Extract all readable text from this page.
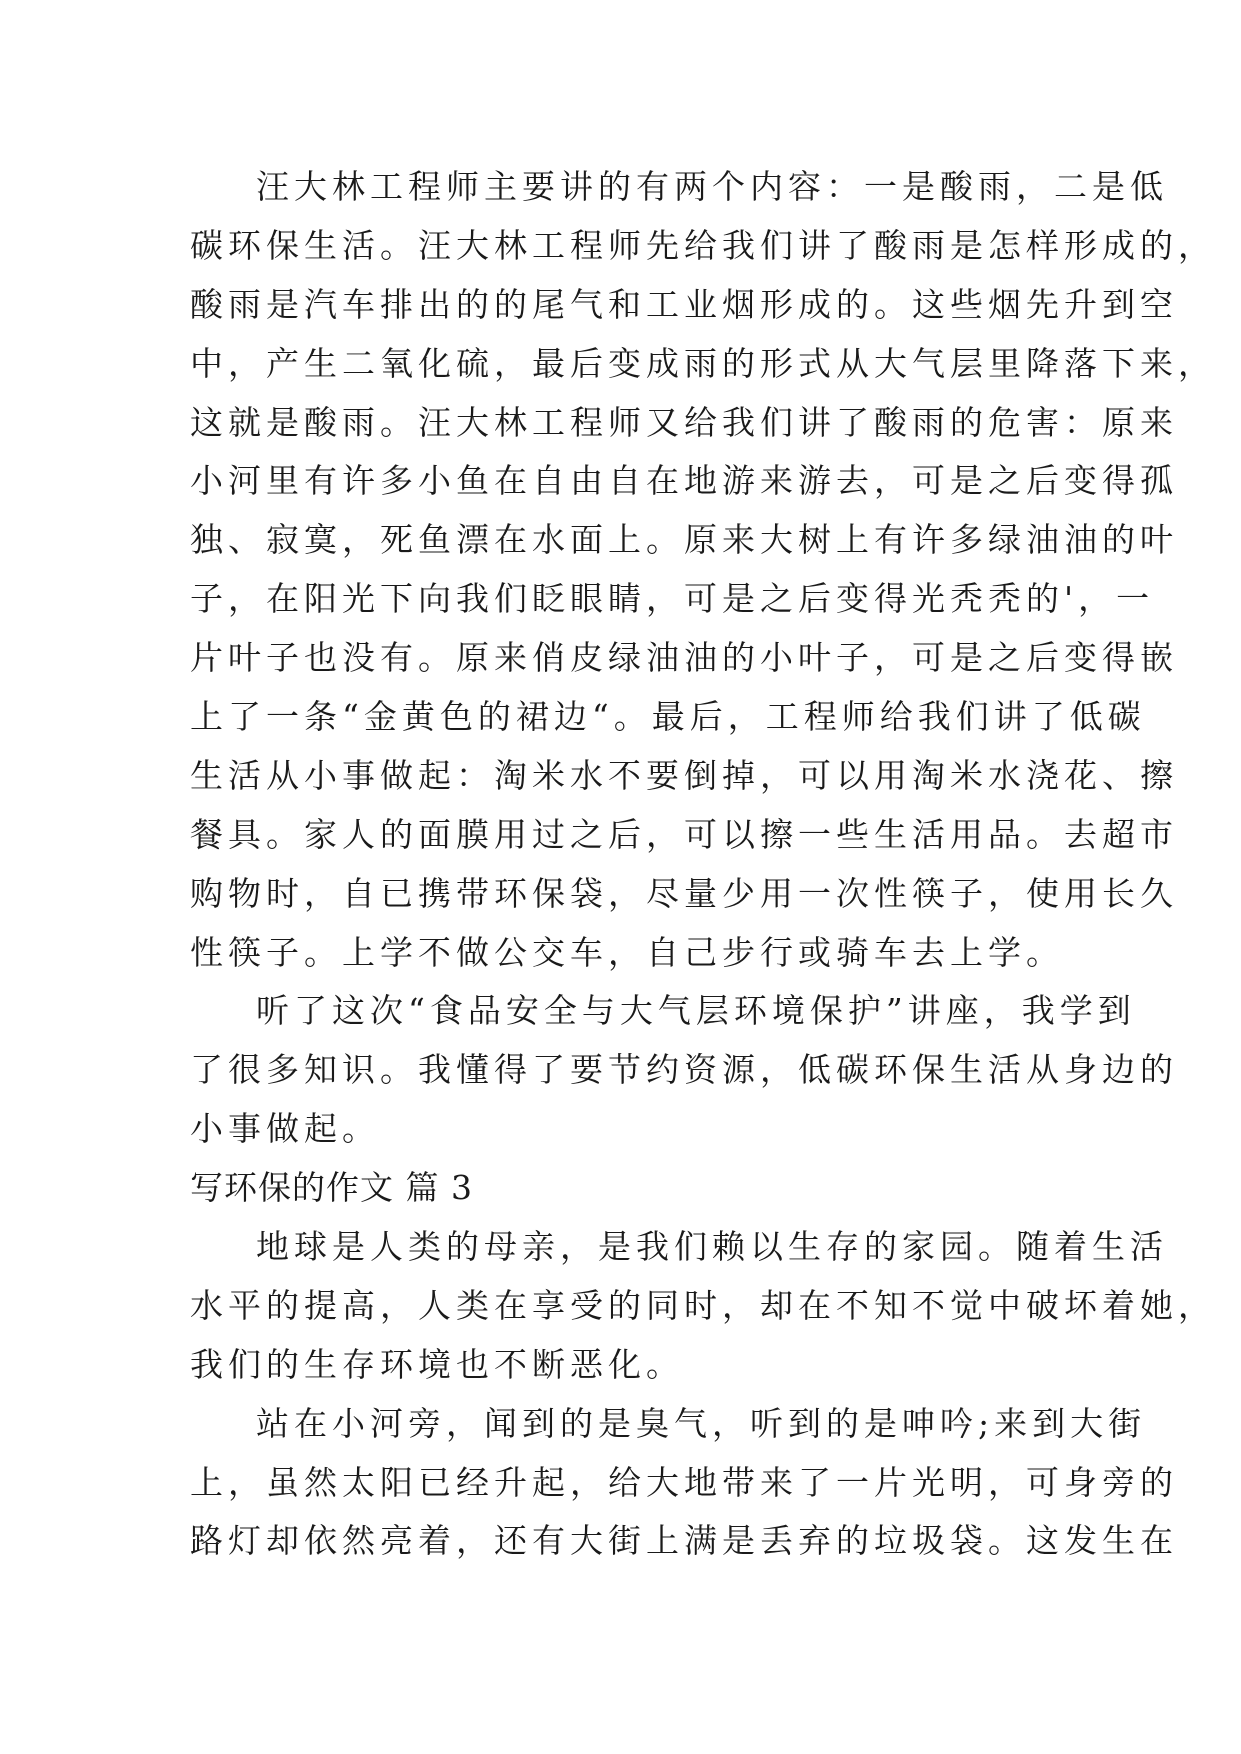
汪大林工程师主要讲的有两个内容：一是酸雨，二是低
碳环保生活。汪大林工程师先给我们讲了酸雨是怎样形成的，
酸雨是汽车排出的的尾气和工业烟形成的。这些烟先升到空
中，产生二氧化硫，最后变成雨的形式从大气层里降落下来，
这就是酸雨。汪大林工程师又给我们讲了酸雨的危害：原来
小河里有许多小鱼在自由自在地游来游去，可是之后变得孤
独、寂寞，死鱼漂在水面上。原来大树上有许多绿油油的叶
子，在阳光下向我们眨眼睛，可是之后变得光秃秃的'，一
片叶子也没有。原来俏皮绿油油的小叶子，可是之后变得嵌
上了一条“金黄色的裙边“。最后，工程师给我们讲了低碳
生活从小事做起：淘米水不要倒掉，可以用淘米水浇花、擦
餐具。家人的面膜用过之后，可以擦一些生活用品。去超市
购物时，自已携带环保袋，尽量少用一次性筷子，使用长久
性筷子。上学不做公交车，自己步行或骑车去上学。
听了这次“食品安全与大气层环境保护”讲座，我学到
了很多知识。我懂得了要节约资源，低碳环保生活从身边的
小事做起。
写环保的作文 篇 3
地球是人类的母亲，是我们赖以生存的家园。随着生活
水平的提高，人类在享受的同时，却在不知不觉中破坏着她，
我们的生存环境也不断恶化。
站在小河旁，闻到的是臭气，听到的是呻吟;来到大街
上，虽然太阳已经升起，给大地带来了一片光明，可身旁的
路灯却依然亮着，还有大街上满是丢弃的垃圾袋。这发生在
